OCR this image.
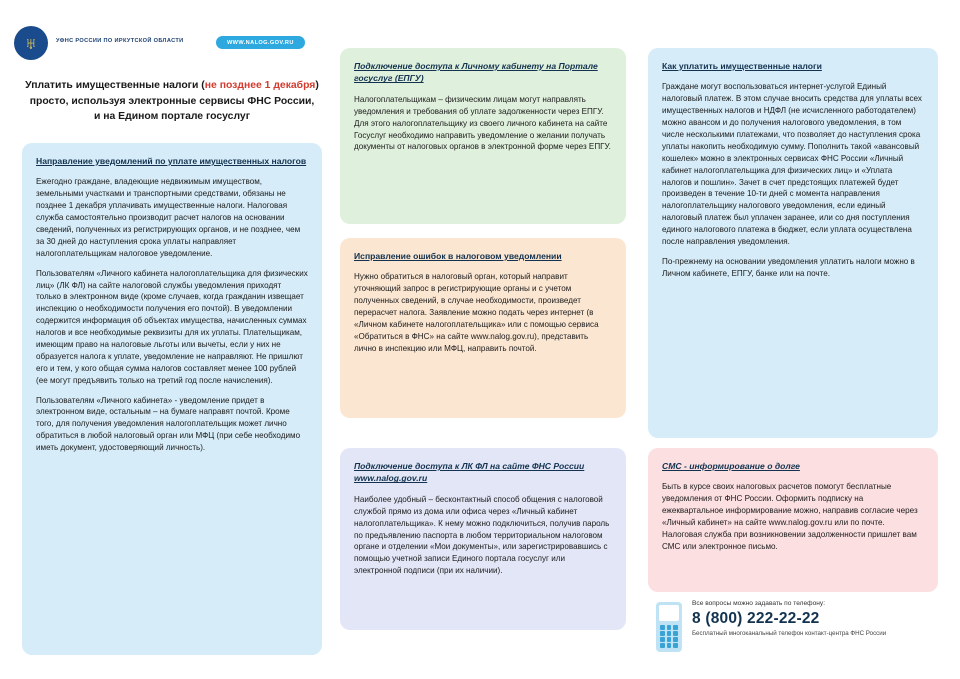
♅	УФНС РОССИИ ПО ИРКУТСКОЙ ОБЛАСТИ	WWW.NALOG.GOV.RU
Уплатить имущественные налоги (не позднее 1 декабря)
просто, используя электронные сервисы ФНС России,
и на Едином портале госуслуг
Направление уведомлений по уплате имущественных налогов

Ежегодно граждане, владеющие недвижимым имуществом, земельными участками и транспортными средствами, обязаны не позднее 1 декабря уплачивать имущественные налоги. Налоговая служба самостоятельно производит расчет налогов на основании сведений, полученных из регистрирующих органов, и не позднее, чем за 30 дней до наступления срока уплаты направляет налогоплательщикам налоговое уведомление.

Пользователям «Личного кабинета налогоплательщика для физических лиц» (ЛК ФЛ) на сайте налоговой службы уведомления приходят только в электронном виде (кроме случаев, когда гражданин извещает инспекцию о необходимости получения его почтой). В уведомлении содержится информация об объектах имущества, начисленных суммах налогов и все необходимые реквизиты для их уплаты. Плательщикам, имеющим право на налоговые льготы или вычеты, если у них не образуется налога к уплате, уведомление не направляют. Не пришлют его и тем, у кого общая сумма налогов составляет менее 100 рублей (ее могут предъявить только на третий год после начисления).

Пользователям «Личного кабинета» - уведомление придет в электронном виде, остальным – на бумаге направят почтой. Кроме того, для получения уведомления налогоплательщик может лично обратиться в любой налоговый орган или МФЦ (при себе необходимо иметь документ, удостоверяющий личность).

Подключение доступа к Личному кабинету на Портале госуслуг (ЕПГУ)

Налогоплательщикам – физическим лицам могут направлять уведомления и требования об уплате задолженности через ЕПГУ. Для этого налогоплательщику из своего личного кабинета на сайте Госуслуг необходимо направить уведомление о желании получать документы от налоговых органов в электронной форме через ЕПГУ.

Исправление ошибок в налоговом уведомлении

Нужно обратиться в налоговый орган, который направит уточняющий запрос в регистрирующие органы и с учетом полученных сведений, в случае необходимости, произведет перерасчет налога. Заявление можно подать через интернет (в «Личном кабинете налогоплательщика» или с помощью сервиса «Обратиться в ФНС» на сайте www.nalog.gov.ru), представить лично в инспекцию или МФЦ, направить почтой.

Подключение доступа к ЛК ФЛ на сайте ФНС России www.nalog.gov.ru

Наиболее удобный – бесконтактный способ общения с налоговой службой прямо из дома или офиса через «Личный кабинет налогоплательщика». К нему можно подключиться, получив пароль по предъявлению паспорта в любом территориальном налоговом органе и отделении «Мои документы», или зарегистрировавшись с помощью учетной записи Единого портала госуслуг или электронной подписи (при их наличии).

Как уплатить имущественные налоги

Граждане могут воспользоваться интернет-услугой Единый налоговый платеж. В этом случае вносить средства для уплаты всех имущественных налогов и НДФЛ (не исчисленного работодателем) можно авансом и до получения налогового уведомления, в том числе несколькими платежами, что позволяет до наступления срока уплаты накопить необходимую сумму. Пополнить такой «авансовый кошелек» можно в электронных сервисах ФНС России «Личный кабинет налогоплательщика для физических лиц» и «Уплата налогов и пошлин». Зачет в счет предстоящих платежей будет произведен в течение 10-ти дней с момента направления налогоплательщику налогового уведомления, если единый налоговый платеж был уплачен заранее, или со дня поступления единого налогового платежа в бюджет, если уплата осуществлена после направления уведомления.

По-прежнему на основании уведомления уплатить налоги можно в Личном кабинете, ЕПГУ, банке или на почте.

СМС - информирование о долге

Быть в курсе своих налоговых расчетов помогут бесплатные уведомления от ФНС России. Оформить подписку на ежеквартальное информирование можно, направив согласие через «Личный кабинет» на сайте www.nalog.gov.ru или по почте. Налоговая служба при возникновении задолженности пришлет вам СМС или электронное письмо.

Все вопросы можно задавать по телефону:
8 (800) 222-22-22
Бесплатный многоканальный телефон контакт-центра ФНС России
